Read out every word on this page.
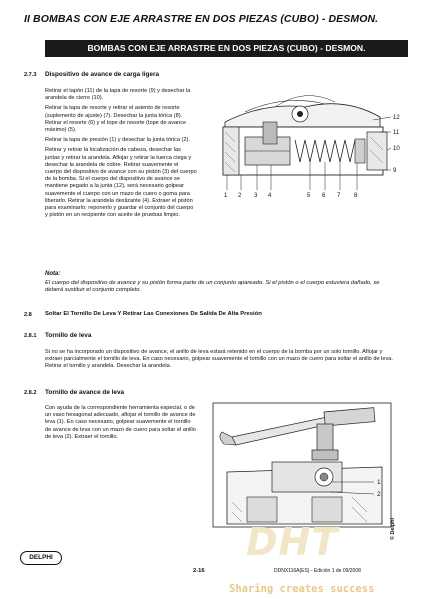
II BOMBAS CON EJE ARRASTRE EN DOS PIEZAS (CUBO) - DESMON.
BOMBAS CON EJE ARRASTRE EN DOS PIEZAS (CUBO) - DESMON.
2.7.3 Dispositivo de avance de carga ligera

Retirar el tapón (11) de la tapa de resorte (9) y desechar la arandela de cierre (10).

Retirar la tapa de resorte y retirar el asiento de resorte (suplemento de ajuste) (7). Desechar la junta tórica (8). Retirar el resorte (6) y el tope de resorte (tope de avance máximo) (5).

Retirar la tapa de presión (1) y desechar la junta tórica (2).

Retirar y retirar la localización de cabeza, desechar las juntas y retirar la arandela. Aflojar y retirar la tuerca ciega y desechar la arandela de cobre. Retirar suavemente el cuerpo del dispositivo de avance con su pistón (3) del cuerpo de la bomba. Si el cuerpo del dispositivo de avance se mantiene pegado a la junta (12), será necesario golpear suavemente el cuerpo con un mazo de cuero o goma para liberarlo. Retirar la arandela deslizante (4). Extraer el pistón para examinarlo; reponerlo y guardar el conjunto del cuerpo y pistón en un recipiente con aceite de pruebas limpio.

1 2 3 4	5 6 7 8
9
10
11
12
Nota:
El cuerpo del dispositivo de avance y su pistón forma parte de un conjunto apareado. Si el pistón o el cuerpo estuviera dañado, se deberá sustituir el conjunto completo.
2.8 Soltar El Tornillo De Leva Y Retirar Las Conexiones De Salida De Alta Presión
2.8.1 Tornillo de leva
Si no se ha incorporado un dispositivo de avance, el anillo de leva estará retenido en el cuerpo de la bomba por un solo tornillo. Aflojar y extraer parcialmente el tornillo de leva. En caso necesario, golpear suavemente el tornillo con un mazo de cuero para soltar el anillo de leva. Retirar el tornillo y arandela. Desechar la arandela.
2.8.2 Tornillo de avance de leva
Con ayuda de la correspondiente herramienta especial, o de un vaso hexagonal adecuado, aflojar el tornillo de avance de leva (1). En caso necesario, golpear suavemente el tornillo de avance de leva con un mazo de cuero para soltar el anillo de leva (2). Extraer el tornillo.
1
2
DHT
Sharing creates success
DELPHI
2-16	DDNX116A(ES) - Edición 1 de 09/2008
© Delphi
